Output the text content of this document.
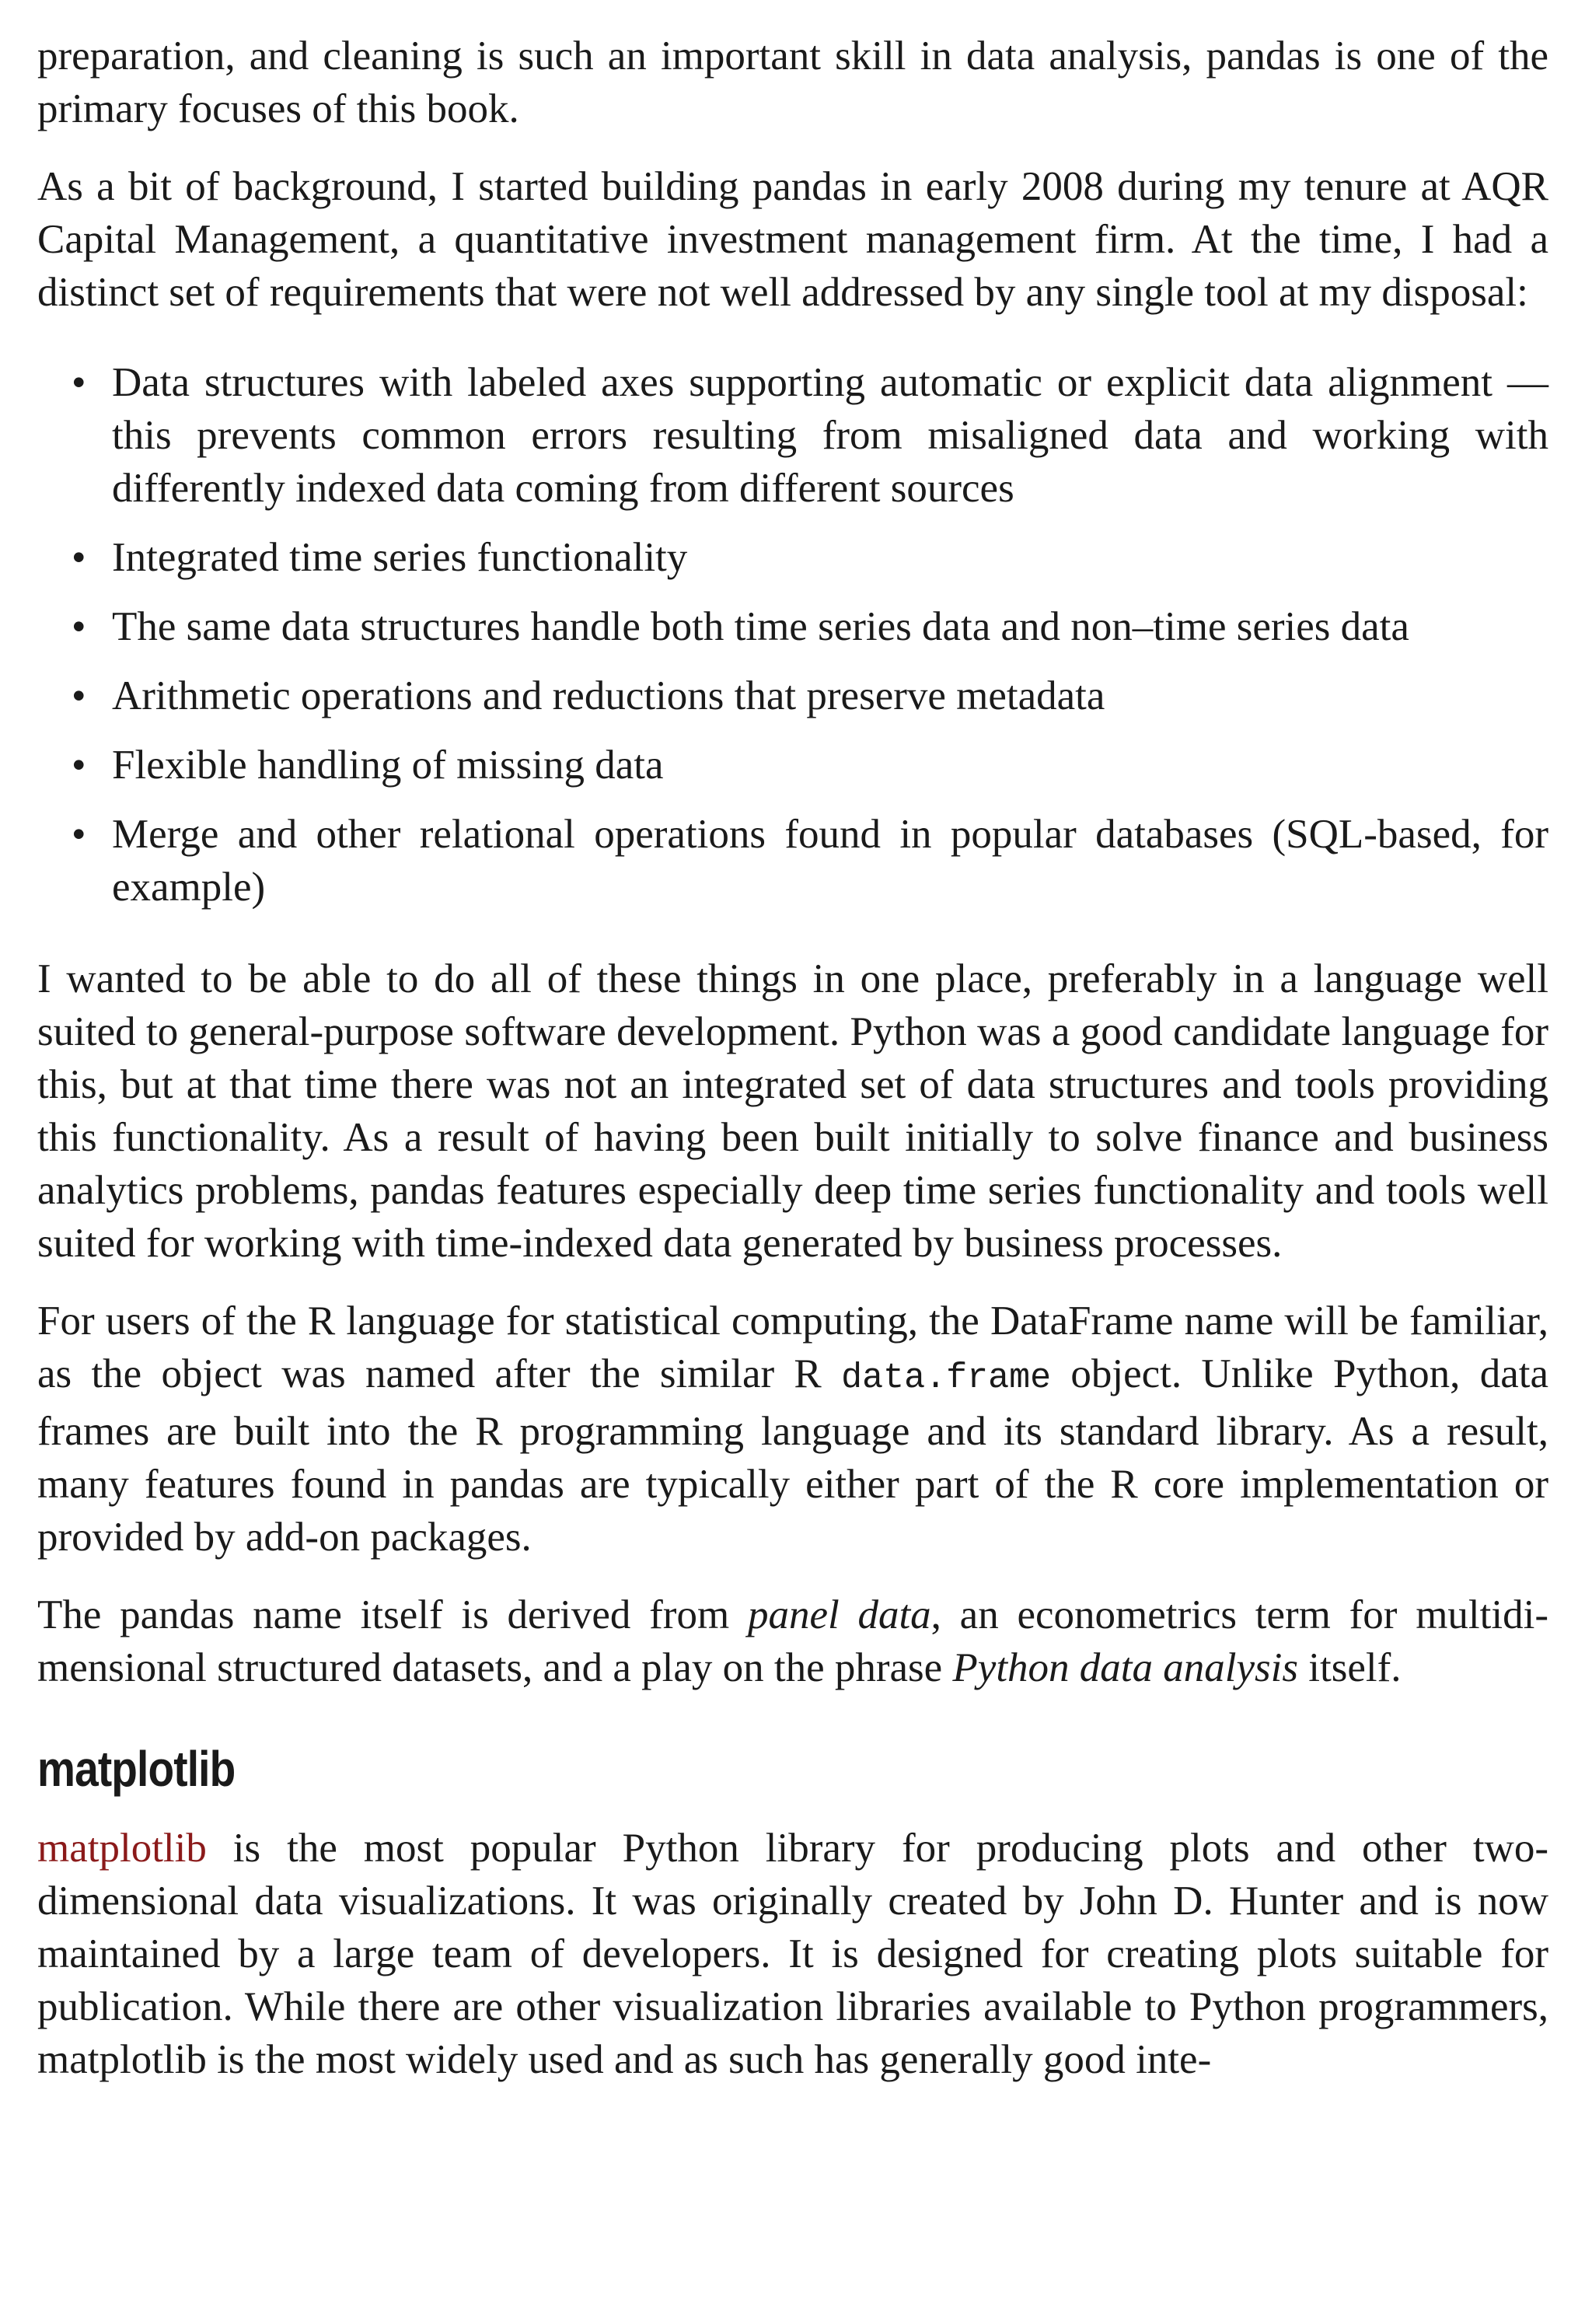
preparation, and cleaning is such an important skill in data analysis, pandas is one of the primary focuses of this book.

As a bit of background, I started building pandas in early 2008 during my tenure at AQR Capital Management, a quantitative investment management firm. At the time, I had a distinct set of requirements that were not well addressed by any single tool at my disposal:

• Data structures with labeled axes supporting automatic or explicit data alignment —this prevents common errors resulting from misaligned data and working with differently indexed data coming from different sources
• Integrated time series functionality
• The same data structures handle both time series data and non–time series data
• Arithmetic operations and reductions that preserve metadata
• Flexible handling of missing data
• Merge and other relational operations found in popular databases (SQL-based, for example)

I wanted to be able to do all of these things in one place, preferably in a language well suited to general-purpose software development. Python was a good candidate language for this, but at that time there was not an integrated set of data structures and tools providing this functionality. As a result of having been built initially to solve finance and business analytics problems, pandas features especially deep time series functionality and tools well suited for working with time-indexed data generated by business processes.

For users of the R language for statistical computing, the DataFrame name will be familiar, as the object was named after the similar R data.frame object. Unlike Python, data frames are built into the R programming language and its standard library. As a result, many features found in pandas are typically either part of the R core implementation or provided by add-on packages.

The pandas name itself is derived from panel data, an econometrics term for multidimensional structured datasets, and a play on the phrase Python data analysis itself.

matplotlib

matplotlib is the most popular Python library for producing plots and other two-dimensional data visualizations. It was originally created by John D. Hunter and is now maintained by a large team of developers. It is designed for creating plots suitable for publication. While there are other visualization libraries available to Python programmers, matplotlib is the most widely used and as such has generally good inte-
